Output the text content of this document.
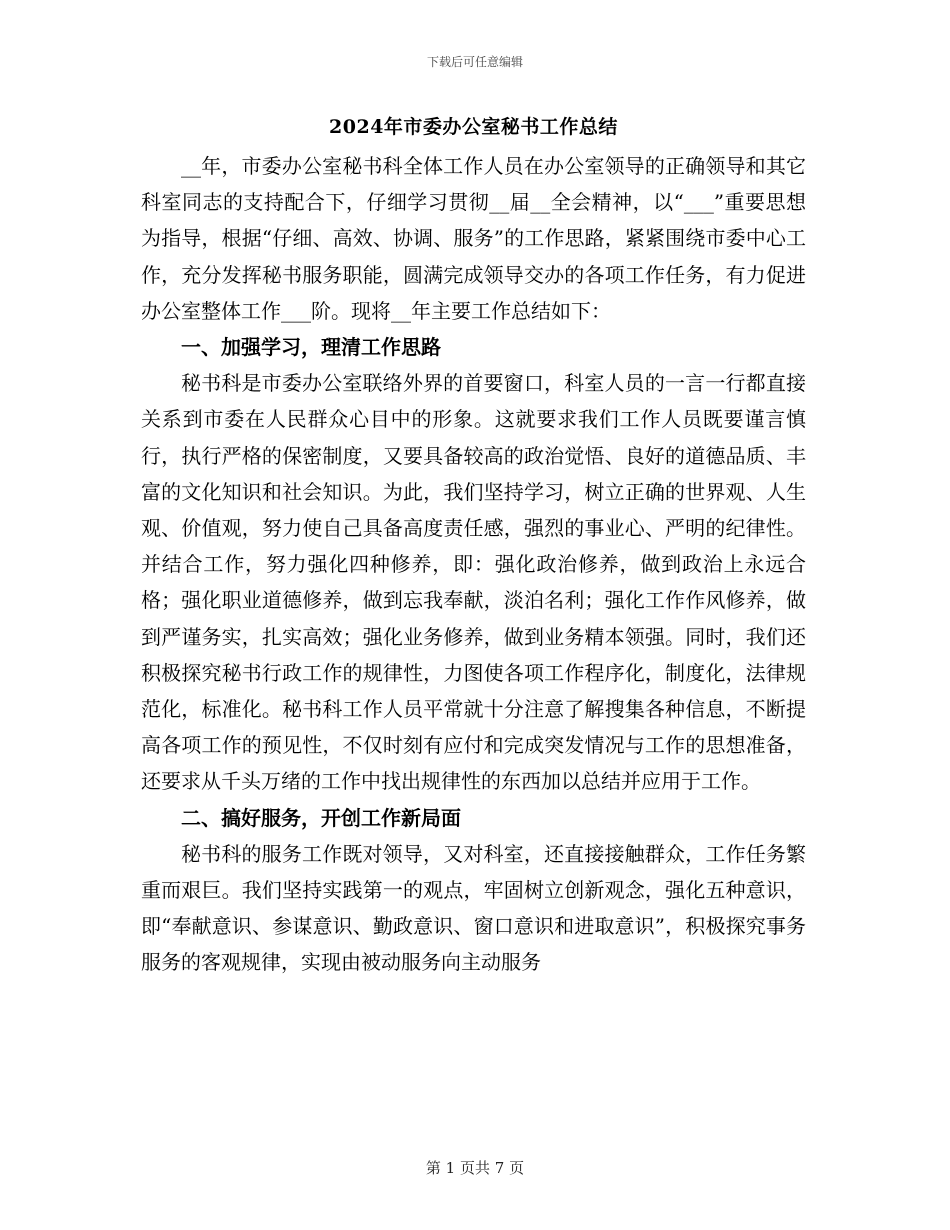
下载后可任意编辑
2024年市委办公室秘书工作总结

__年，市委办公室秘书科全体工作人员在办公室领导的正确领导和其它科室同志的支持配合下，仔细学习贯彻__届__全会精神，以“___”重要思想为指导，根据“仔细、高效、协调、服务”的工作思路，紧紧围绕市委中心工作，充分发挥秘书服务职能，圆满完成领导交办的各项工作任务，有力促进办公室整体工作___阶。现将__年主要工作总结如下：

一、加强学习，理清工作思路

秘书科是市委办公室联络外界的首要窗口，科室人员的一言一行都直接关系到市委在人民群众心目中的形象。这就要求我们工作人员既要谨言慎行，执行严格的保密制度，又要具备较高的政治觉悟、良好的道德品质、丰富的文化知识和社会知识。为此，我们坚持学习，树立正确的世界观、人生观、价值观，努力使自己具备高度责任感，强烈的事业心、严明的纪律性。并结合工作，努力强化四种修养，即：强化政治修养，做到政治上永远合格；强化职业道德修养，做到忘我奉献，淡泊名利；强化工作作风修养，做到严谨务实，扎实高效；强化业务修养，做到业务精本领强。同时，我们还积极探究秘书行政工作的规律性，力图使各项工作程序化，制度化，法律规范化，标准化。秘书科工作人员平常就十分注意了解搜集各种信息，不断提高各项工作的预见性，不仅时刻有应付和完成突发情况与工作的思想准备，还要求从千头万绪的工作中找出规律性的东西加以总结并应用于工作。

二、搞好服务，开创工作新局面

秘书科的服务工作既对领导，又对科室，还直接接触群众，工作任务繁重而艰巨。我们坚持实践第一的观点，牢固树立创新观念，强化五种意识，即“奉献意识、参谋意识、勤政意识、窗口意识和进取意识”，积极探究事务服务的客观规律，实现由被动服务向主动服务

第 1 页共 7 页
